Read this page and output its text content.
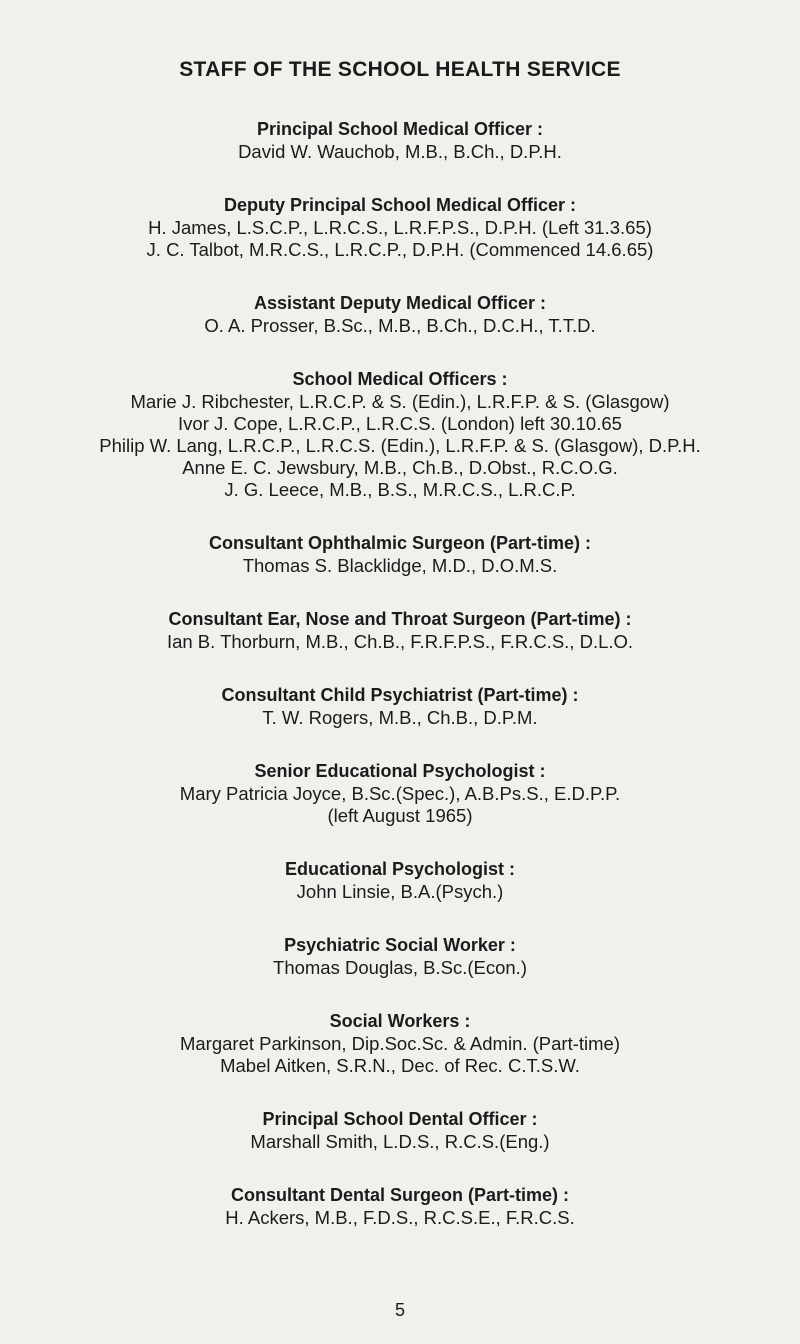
STAFF OF THE SCHOOL HEALTH SERVICE
Principal School Medical Officer :
David W. Wauchob, M.B., B.Ch., D.P.H.
Deputy Principal School Medical Officer :
H. James, L.S.C.P., L.R.C.S., L.R.F.P.S., D.P.H. (Left 31.3.65)
J. C. Talbot, M.R.C.S., L.R.C.P., D.P.H. (Commenced 14.6.65)
Assistant Deputy Medical Officer :
O. A. Prosser, B.Sc., M.B., B.Ch., D.C.H., T.T.D.
School Medical Officers :
Marie J. Ribchester, L.R.C.P. & S. (Edin.), L.R.F.P. & S. (Glasgow)
Ivor J. Cope, L.R.C.P., L.R.C.S. (London) left 30.10.65
Philip W. Lang, L.R.C.P., L.R.C.S. (Edin.), L.R.F.P. & S. (Glasgow), D.P.H.
Anne E. C. Jewsbury, M.B., Ch.B., D.Obst., R.C.O.G.
J. G. Leece, M.B., B.S., M.R.C.S., L.R.C.P.
Consultant Ophthalmic Surgeon (Part-time) :
Thomas S. Blacklidge, M.D., D.O.M.S.
Consultant Ear, Nose and Throat Surgeon (Part-time) :
Ian B. Thorburn, M.B., Ch.B., F.R.F.P.S., F.R.C.S., D.L.O.
Consultant Child Psychiatrist (Part-time) :
T. W. Rogers, M.B., Ch.B., D.P.M.
Senior Educational Psychologist :
Mary Patricia Joyce, B.Sc.(Spec.), A.B.Ps.S., E.D.P.P.
(left August 1965)
Educational Psychologist :
John Linsie, B.A.(Psych.)
Psychiatric Social Worker :
Thomas Douglas, B.Sc.(Econ.)
Social Workers :
Margaret Parkinson, Dip.Soc.Sc. & Admin. (Part-time)
Mabel Aitken, S.R.N., Dec. of Rec. C.T.S.W.
Principal School Dental Officer :
Marshall Smith, L.D.S., R.C.S.(Eng.)
Consultant Dental Surgeon (Part-time) :
H. Ackers, M.B., F.D.S., R.C.S.E., F.R.C.S.
5
